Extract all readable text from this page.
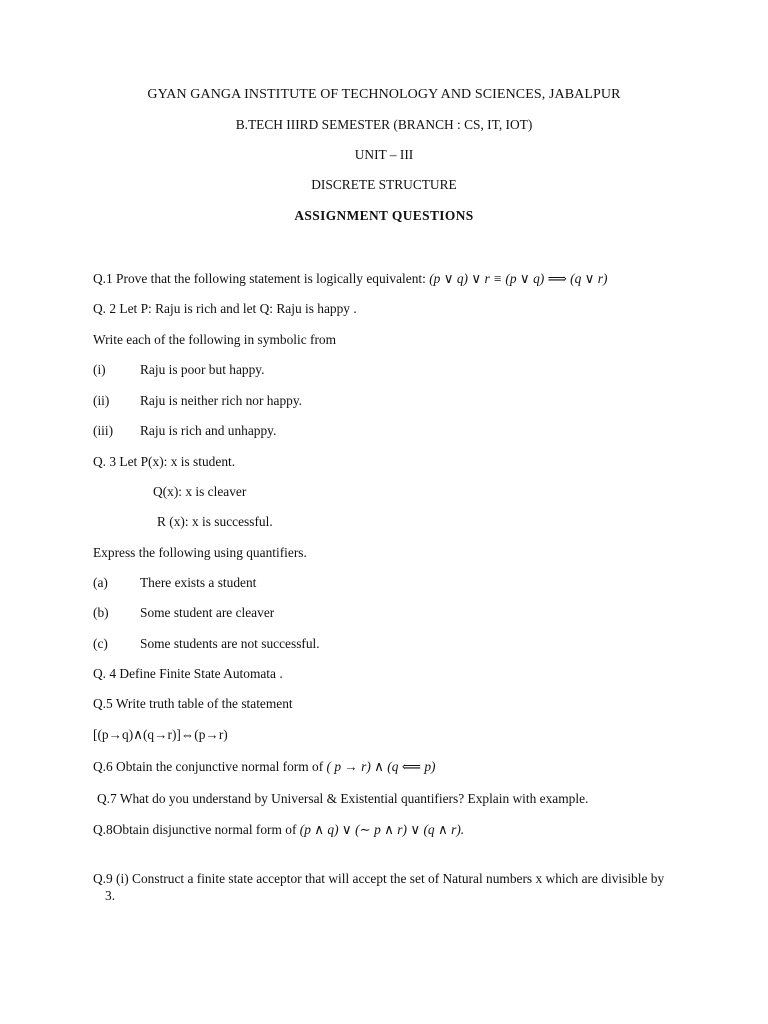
GYAN GANGA INSTITUTE OF TECHNOLOGY AND SCIENCES, JABALPUR
B.TECH IIIRD SEMESTER (BRANCH : CS, IT, IOT)
UNIT – III
DISCRETE STRUCTURE
ASSIGNMENT QUESTIONS
Q.1 Prove that the following statement is logically equivalent: (p ∨ q) ∨ r ≡ (p ∨ q) ⟹ (q ∨ r)
Q. 2 Let P: Raju is rich and let Q: Raju is happy .
Write each of the following in symbolic from
(i)	Raju is poor but happy.
(ii) Raju is neither rich nor happy.
(iii) Raju is rich and unhappy.
Q. 3 Let P(x): x is student.
Q(x): x is cleaver
R (x): x is successful.
Express the following using quantifiers.
(a) There exists a student
(b) Some student are cleaver
(c) Some students are not successful.
Q. 4 Define Finite State Automata .
Q.5 Write truth table of the statement
[(p→q)∧(q→r)]⇔(p→r)
Q.6 Obtain the conjunctive normal form of ( p → r) ∧ (q ⟸ p)
Q.7 What do you understand by Universal & Existential quantifiers? Explain with example.
Q.8Obtain disjunctive normal form of (p ∧ q) ∨ (∼ p ∧ r) ∨ (q ∧ r).
Q.9 (i) Construct a finite state acceptor that will accept the set of Natural numbers x which are divisible by 3.
